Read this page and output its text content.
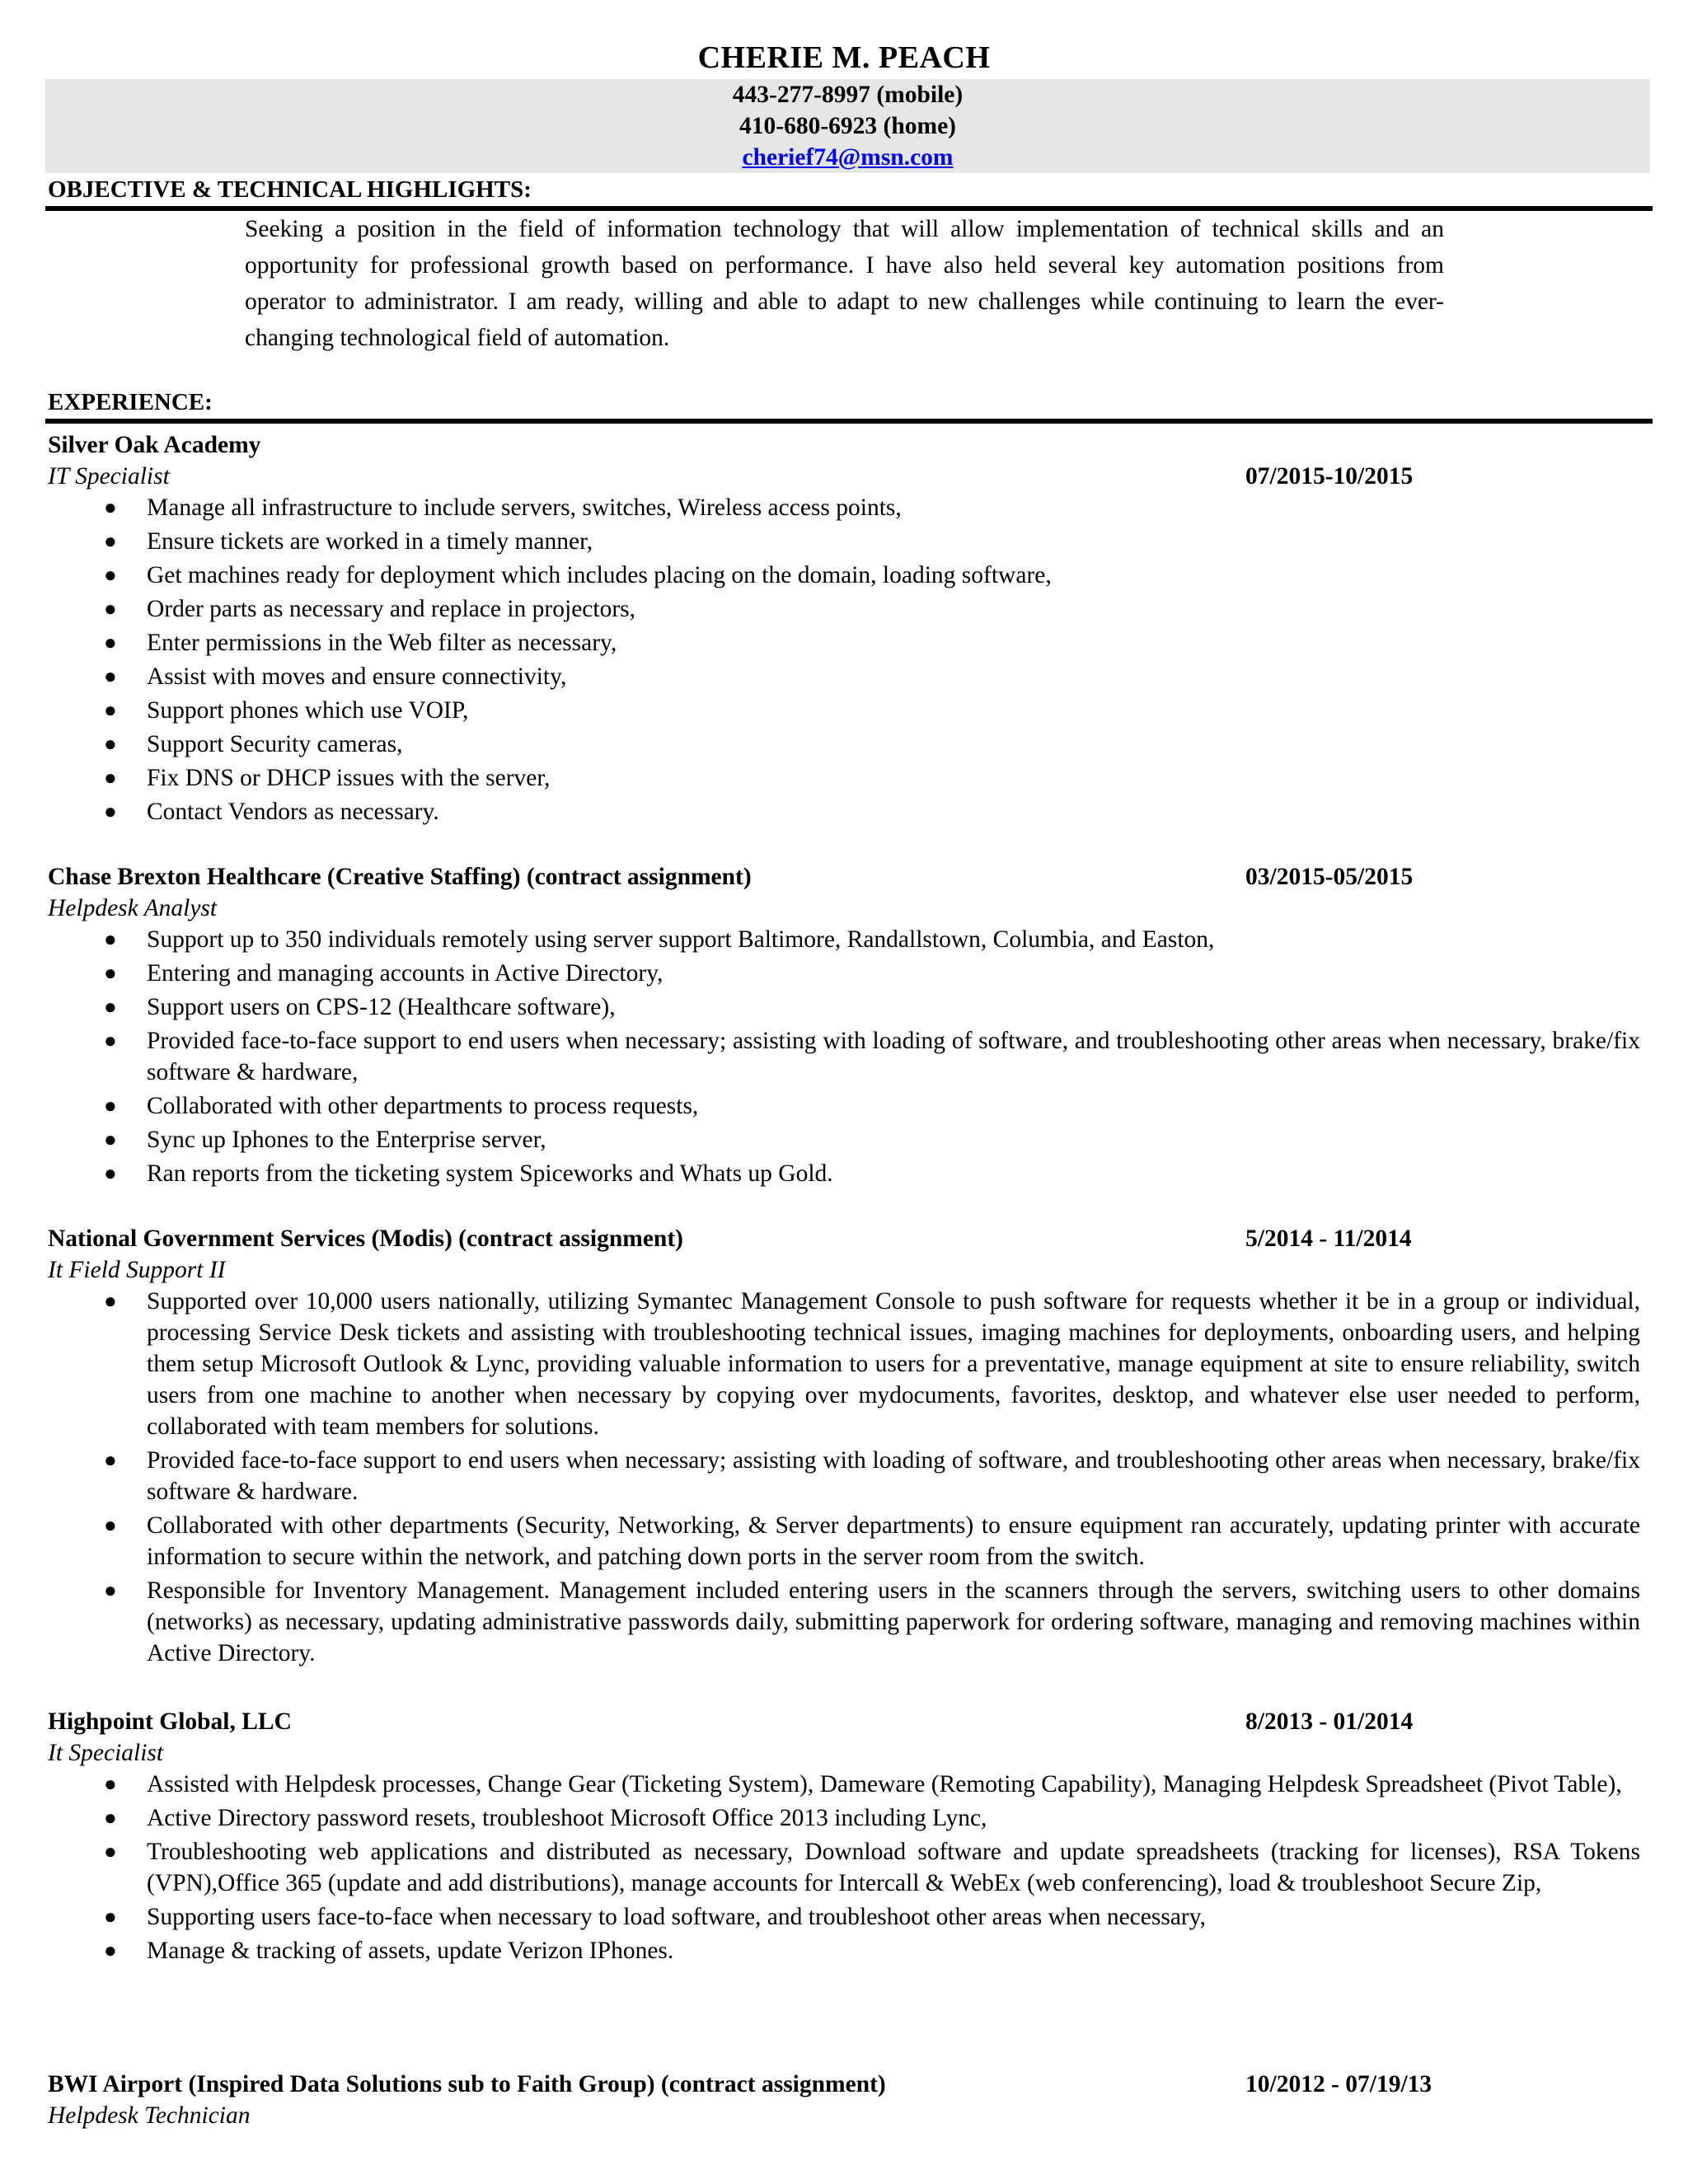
CHERIE M. PEACH
443-277-8997 (mobile)
410-680-6923 (home)
cherief74@msn.com
OBJECTIVE & TECHNICAL HIGHLIGHTS:
Seeking a position in the field of information technology that will allow implementation of technical skills and an opportunity for professional growth based on performance. I have also held several key automation positions from operator to administrator. I am ready, willing and able to adapt to new challenges while continuing to learn the ever-changing technological field of automation.
EXPERIENCE:
Silver Oak Academy
IT Specialist	07/2015-10/2015
● Manage all infrastructure to include servers, switches, Wireless access points,
● Ensure tickets are worked in a timely manner,
● Get machines ready for deployment which includes placing on the domain, loading software,
● Order parts as necessary and replace in projectors,
● Enter permissions in the Web filter as necessary,
● Assist with moves and ensure connectivity,
● Support phones which use VOIP,
● Support Security cameras,
● Fix DNS or DHCP issues with the server,
● Contact Vendors as necessary.
Chase Brexton Healthcare (Creative Staffing) (contract assignment)	03/2015-05/2015
Helpdesk Analyst
● Support up to 350 individuals remotely using server support Baltimore, Randallstown, Columbia, and Easton,
● Entering and managing accounts in Active Directory,
● Support users on CPS-12 (Healthcare software),
● Provided face-to-face support to end users when necessary; assisting with loading of software, and troubleshooting other areas when necessary, brake/fix software & hardware,
● Collaborated with other departments to process requests,
● Sync up Iphones to the Enterprise server,
● Ran reports from the ticketing system Spiceworks and Whats up Gold.
National Government Services (Modis) (contract assignment)	5/2014 - 11/2014
It Field Support II
● Supported over 10,000 users nationally, utilizing Symantec Management Console to push software for requests whether it be in a group or individual, processing Service Desk tickets and assisting with troubleshooting technical issues, imaging machines for deployments, onboarding users, and helping them setup Microsoft Outlook & Lync, providing valuable information to users for a preventative, manage equipment at site to ensure reliability, switch users from one machine to another when necessary by copying over mydocuments, favorites, desktop, and whatever else user needed to perform, collaborated with team members for solutions.
● Provided face-to-face support to end users when necessary; assisting with loading of software, and troubleshooting other areas when necessary, brake/fix software & hardware.
● Collaborated with other departments (Security, Networking, & Server departments) to ensure equipment ran accurately, updating printer with accurate information to secure within the network, and patching down ports in the server room from the switch.
● Responsible for Inventory Management. Management included entering users in the scanners through the servers, switching users to other domains (networks) as necessary, updating administrative passwords daily, submitting paperwork for ordering software, managing and removing machines within Active Directory.
Highpoint Global, LLC	8/2013 - 01/2014
It Specialist
● Assisted with Helpdesk processes, Change Gear (Ticketing System), Dameware (Remoting Capability), Managing Helpdesk Spreadsheet (Pivot Table),
● Active Directory password resets, troubleshoot Microsoft Office 2013 including Lync,
● Troubleshooting web applications and distributed as necessary, Download software and update spreadsheets (tracking for licenses), RSA Tokens (VPN),Office 365 (update and add distributions), manage accounts for Intercall & WebEx (web conferencing), load & troubleshoot Secure Zip,
● Supporting users face-to-face when necessary to load software, and troubleshoot other areas when necessary,
● Manage & tracking of assets, update Verizon IPhones.
BWI Airport (Inspired Data Solutions sub to Faith Group) (contract assignment)	10/2012 - 07/19/13
Helpdesk Technician
